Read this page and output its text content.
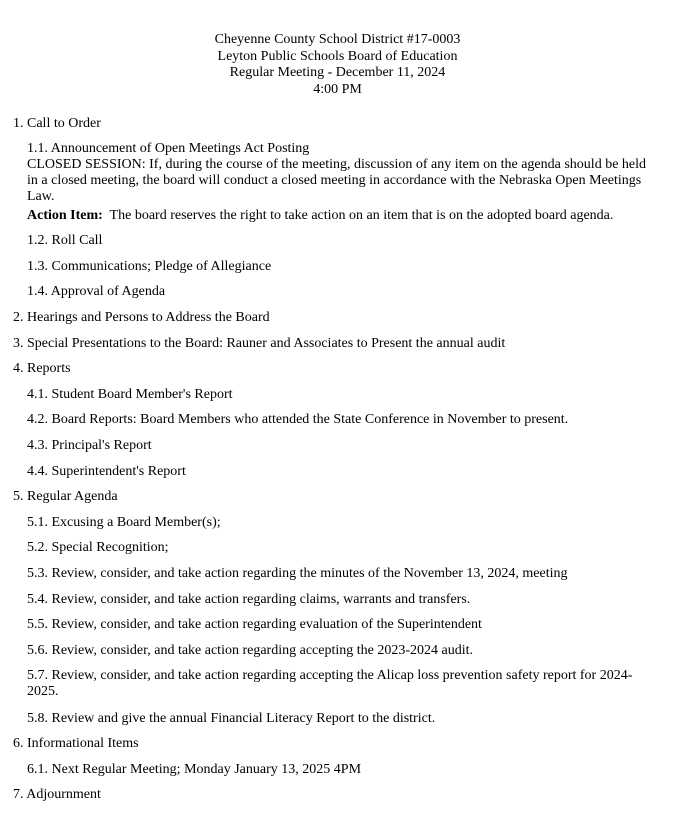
Cheyenne County School District #17-0003
Leyton Public Schools Board of Education
Regular Meeting - December 11, 2024
4:00 PM
1. Call to Order
1.1. Announcement of Open Meetings Act Posting
CLOSED SESSION: If, during the course of the meeting, discussion of any item on the agenda should be held in a closed meeting, the board will conduct a closed meeting in accordance with the Nebraska Open Meetings Law.
Action Item:  The board reserves the right to take action on an item that is on the adopted board agenda.
1.2. Roll Call
1.3. Communications; Pledge of Allegiance
1.4. Approval of Agenda
2. Hearings and Persons to Address the Board
3. Special Presentations to the Board: Rauner and Associates to Present the annual audit
4. Reports
4.1. Student Board Member's Report
4.2. Board Reports: Board Members who attended the State Conference in November to present.
4.3. Principal's Report
4.4. Superintendent's Report
5. Regular Agenda
5.1. Excusing a Board Member(s);
5.2. Special Recognition;
5.3. Review, consider, and take action regarding the minutes of the November 13, 2024, meeting
5.4. Review, consider, and take action regarding claims, warrants and transfers.
5.5. Review, consider, and take action regarding evaluation of the Superintendent
5.6. Review, consider, and take action regarding accepting the 2023-2024 audit.
5.7. Review, consider, and take action regarding accepting the Alicap loss prevention safety report for 2024-2025.
5.8. Review and give the annual Financial Literacy Report to the district.
6. Informational Items
6.1. Next Regular Meeting; Monday January 13, 2025 4PM
7. Adjournment
